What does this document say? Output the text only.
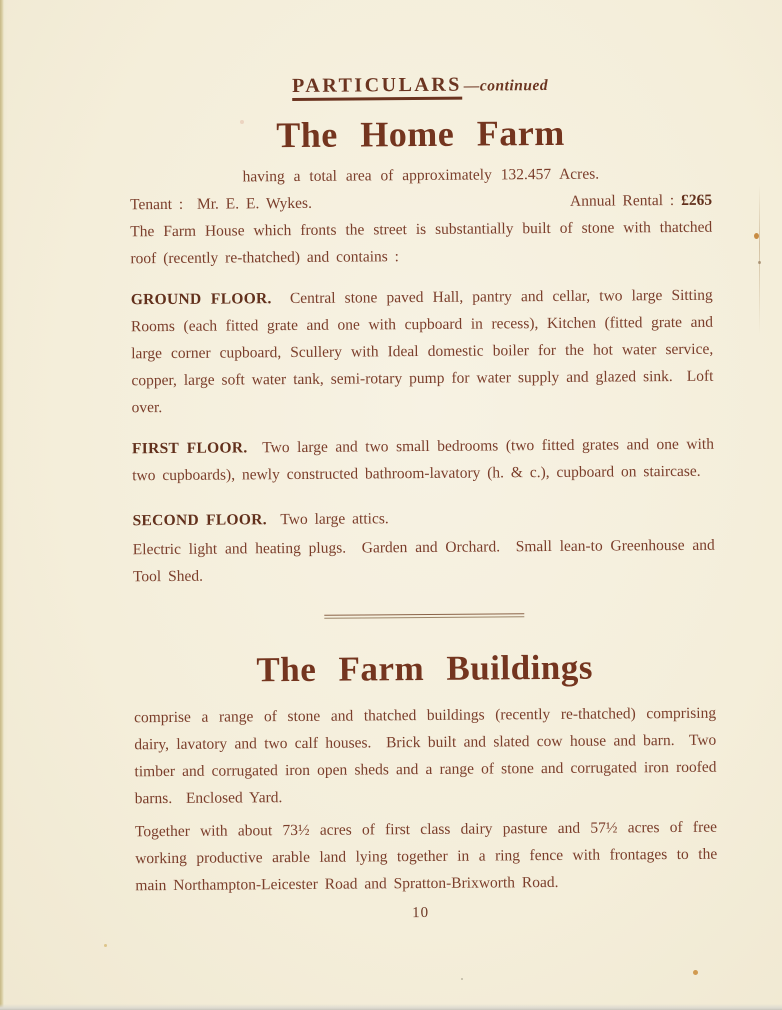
PARTICULARS —continued
The Home Farm

having a total area of approximately 132.457 Acres.

Tenant :  Mr. E. E. Wykes.	Annual Rental : £265

The Farm House which fronts the street is substantially built of stone with thatched roof (recently re-thatched) and contains :

GROUND FLOOR.  Central stone paved Hall, pantry and cellar, two large Sitting Rooms (each fitted grate and one with cupboard in recess), Kitchen (fitted grate and large corner cupboard, Scullery with Ideal domestic boiler for the hot water service, copper, large soft water tank, semi-rotary pump for water supply and glazed sink.  Loft over.

FIRST FLOOR.  Two large and two small bedrooms (two fitted grates and one with two cupboards), newly constructed bathroom-lavatory (h. & c.), cupboard on staircase.

SECOND FLOOR.  Two large attics.

Electric light and heating plugs.  Garden and Orchard.  Small lean-to Greenhouse and Tool Shed.

The Farm Buildings

comprise a range of stone and thatched buildings (recently re-thatched) comprising dairy, lavatory and two calf houses.  Brick built and slated cow house and barn.  Two timber and corrugated iron open sheds and a range of stone and corrugated iron roofed barns.  Enclosed Yard.

Together with about 73½ acres of first class dairy pasture and 57½ acres of free working productive arable land lying together in a ring fence with frontages to the main Northampton-Leicester Road and Spratton-Brixworth Road.

10
